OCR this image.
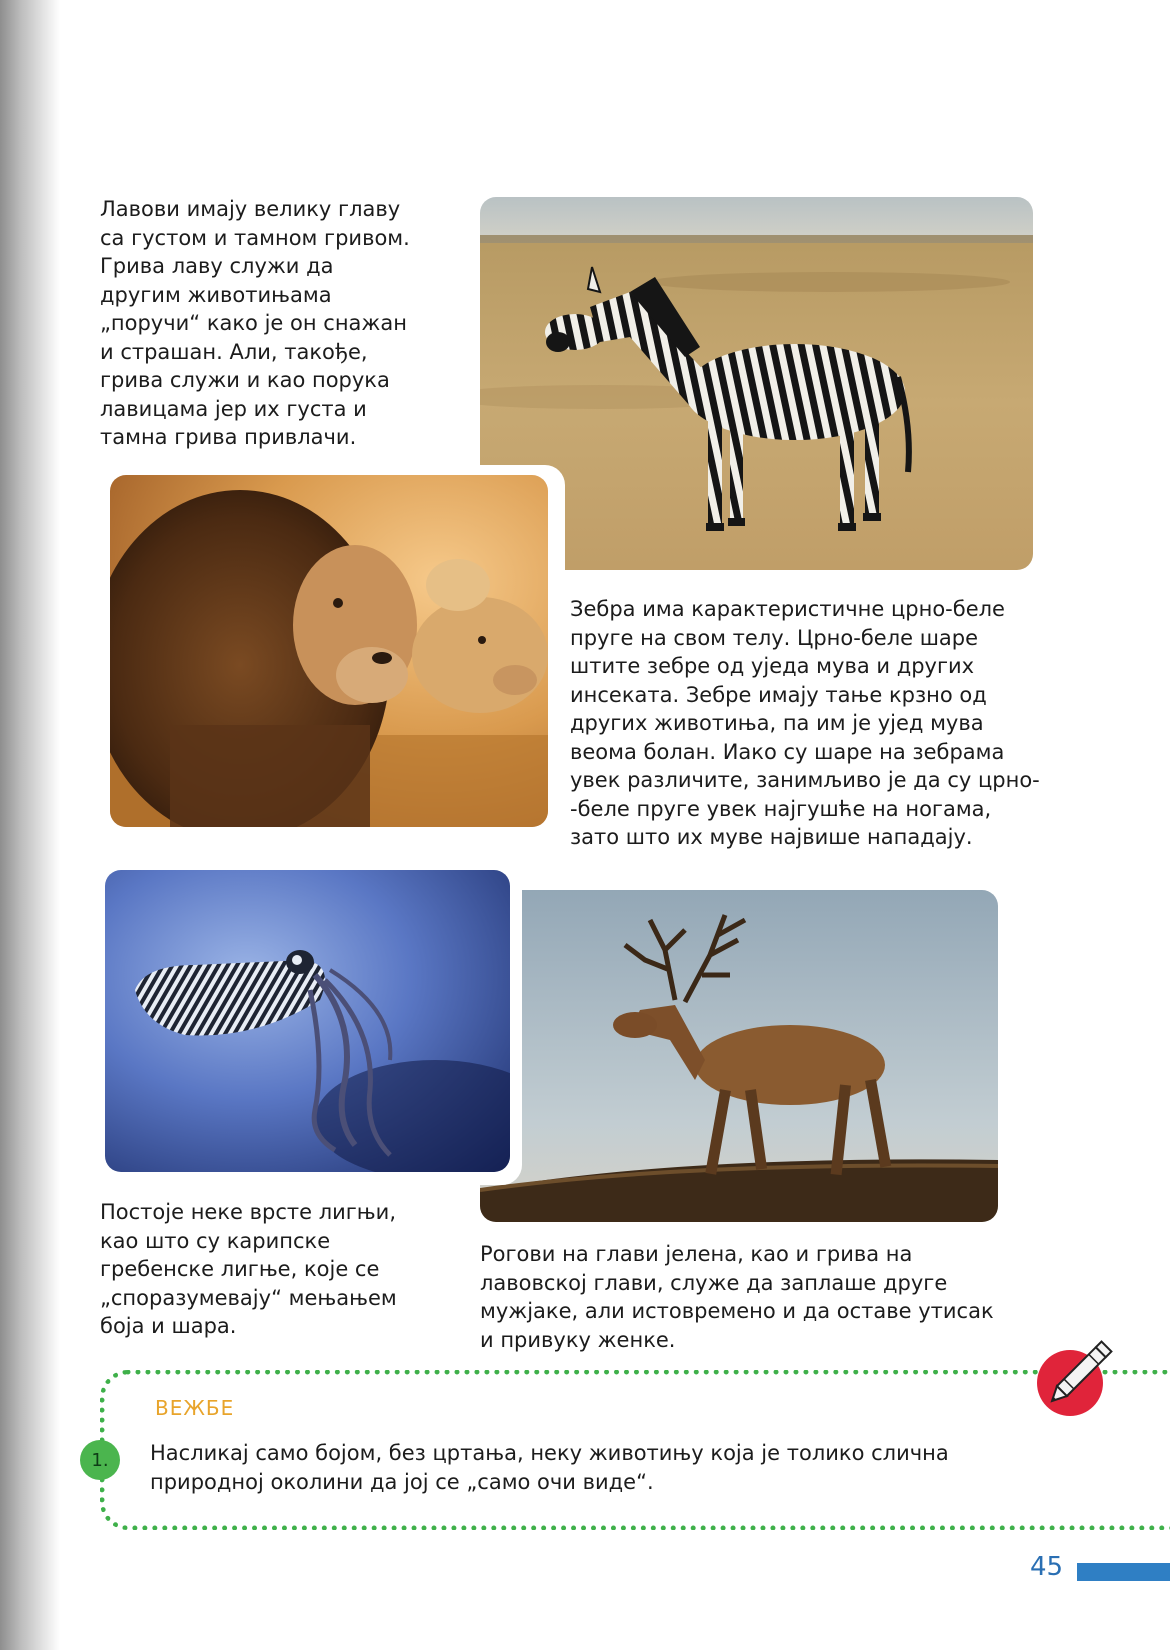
Лавови имају велику главу са густом и тамном гривом. Грива лаву служи да другим животињама „поручи“ како је он снажан и страшан. Али, такође, грива служи и као порука лавицама јер их густа и тамна грива привлачи.

Зебра има карактеристичне црно-беле пруге на свом телу. Црно-беле шаре штите зебре од уједа мува и других инсеката. Зебре имају тање крзно од других животиња, па им је ујед мува веома болан. Иако су шаре на зебрама увек различите, занимљиво је да су црно- -беле пруге увек најгушће на ногама, зато што их муве највише нападају.

Постоје неке врсте лигњи, као што су карипске гребенске лигње, које се „споразумевају“ мењањем боја и шара.

Рогови на глави јелена, као и грива на лавовској глави, служе да заплаше друге мужјаке, али истовремено и да оставе утисак и привуку женке.

ВЕЖБЕ

1.	Насликај само бојом, без цртања, неку животињу која је толико слична природној околини да јој се „само очи виде“.

45
